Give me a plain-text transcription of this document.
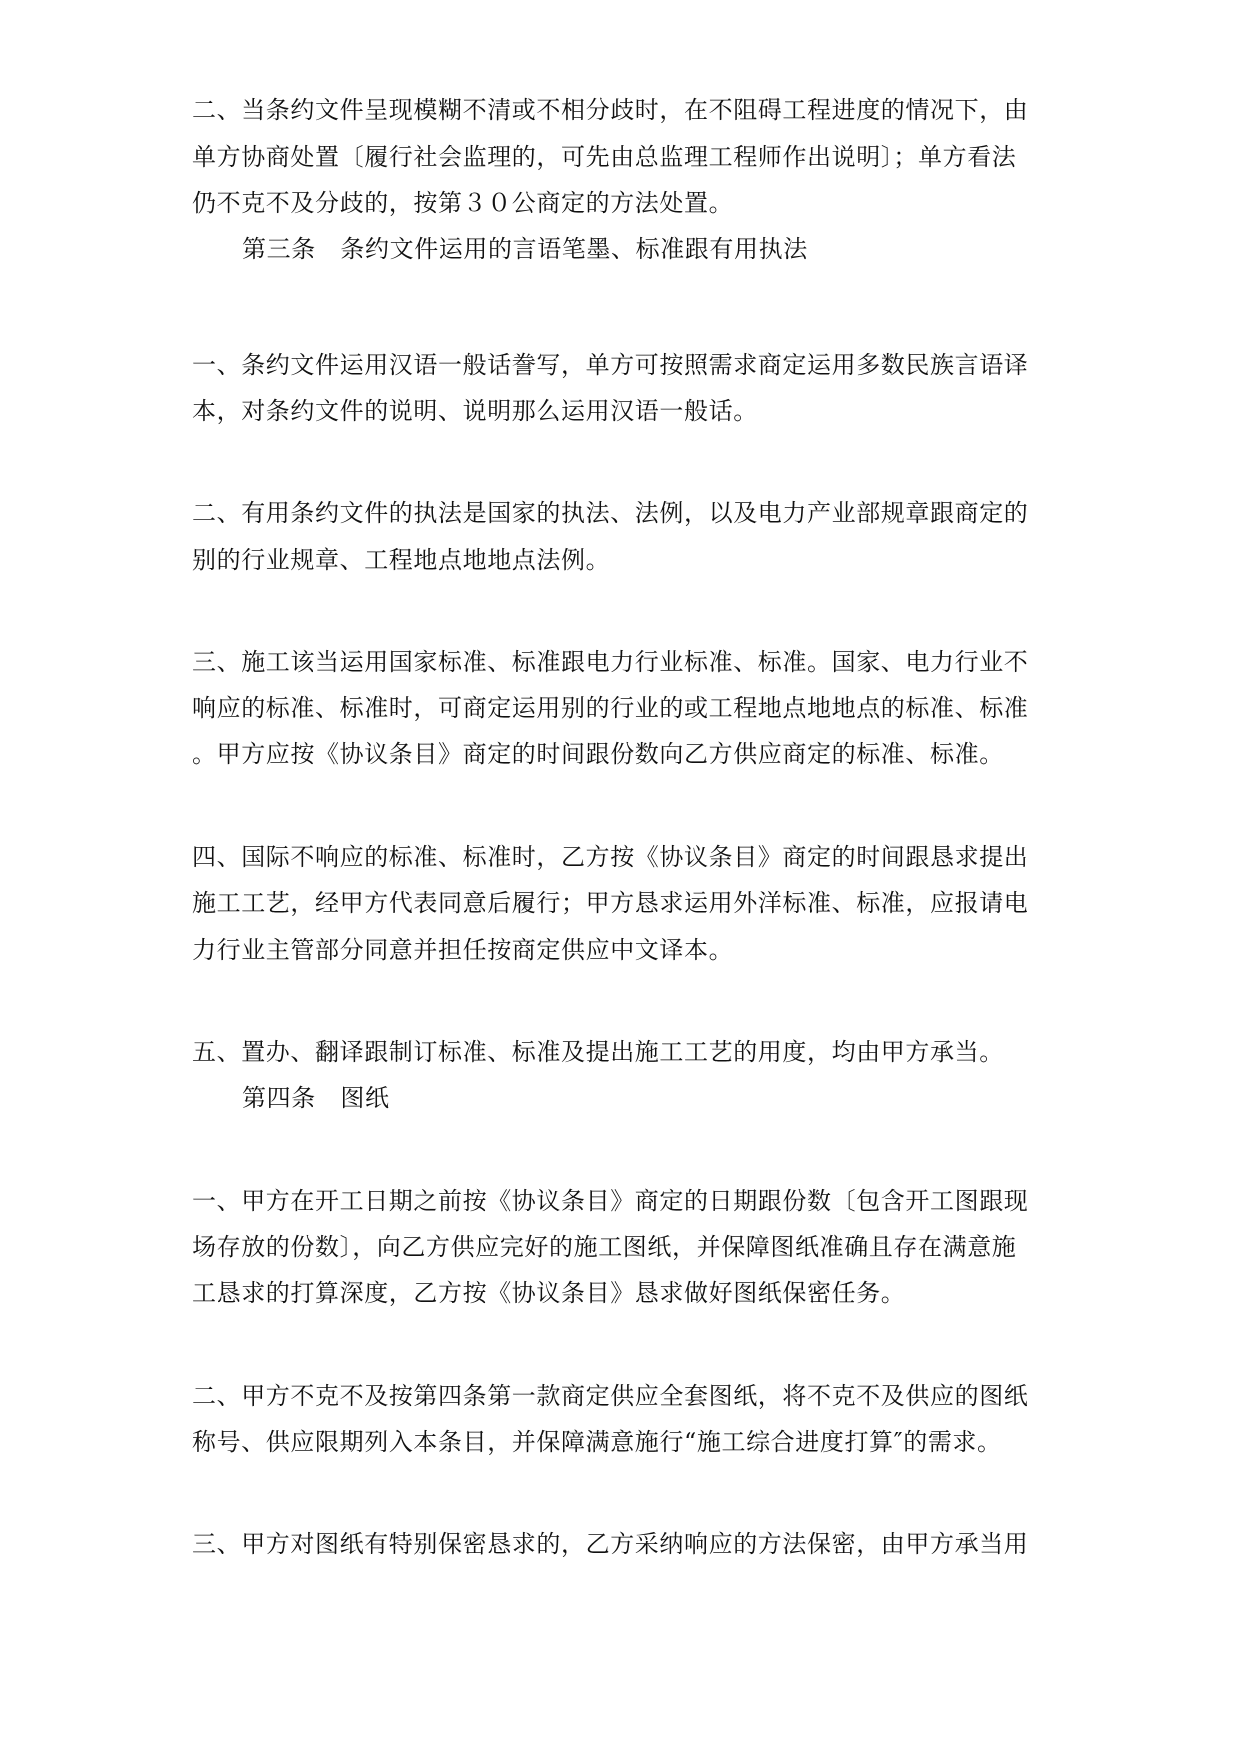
二、当条约文件呈现模糊不清或不相分歧时，在不阻碍工程进度的情况下，由
单方协商处置〔履行社会监理的，可先由总监理工程师作出说明〕；单方看法
仍不克不及分歧的，按第３０公商定的方法处置。
第三条　条约文件运用的言语笔墨、标准跟有用执法
一、条约文件运用汉语一般话誊写，单方可按照需求商定运用多数民族言语译
本，对条约文件的说明、说明那么运用汉语一般话。
二、有用条约文件的执法是国家的执法、法例，以及电力产业部规章跟商定的
别的行业规章、工程地点地地点法例。
三、施工该当运用国家标准、标准跟电力行业标准、标准。国家、电力行业不
响应的标准、标准时，可商定运用别的行业的或工程地点地地点的标准、标准
。甲方应按《协议条目》商定的时间跟份数向乙方供应商定的标准、标准。
四、国际不响应的标准、标准时，乙方按《协议条目》商定的时间跟恳求提出
施工工艺，经甲方代表同意后履行；甲方恳求运用外洋标准、标准，应报请电
力行业主管部分同意并担任按商定供应中文译本。
五、置办、翻译跟制订标准、标准及提出施工工艺的用度，均由甲方承当。
第四条　图纸
一、甲方在开工日期之前按《协议条目》商定的日期跟份数〔包含开工图跟现
场存放的份数〕，向乙方供应完好的施工图纸，并保障图纸准确且存在满意施
工恳求的打算深度，乙方按《协议条目》恳求做好图纸保密任务。
二、甲方不克不及按第四条第一款商定供应全套图纸，将不克不及供应的图纸
称号、供应限期列入本条目，并保障满意施行“施工综合进度打算″的需求。
三、甲方对图纸有特别保密恳求的，乙方采纳响应的方法保密，由甲方承当用
